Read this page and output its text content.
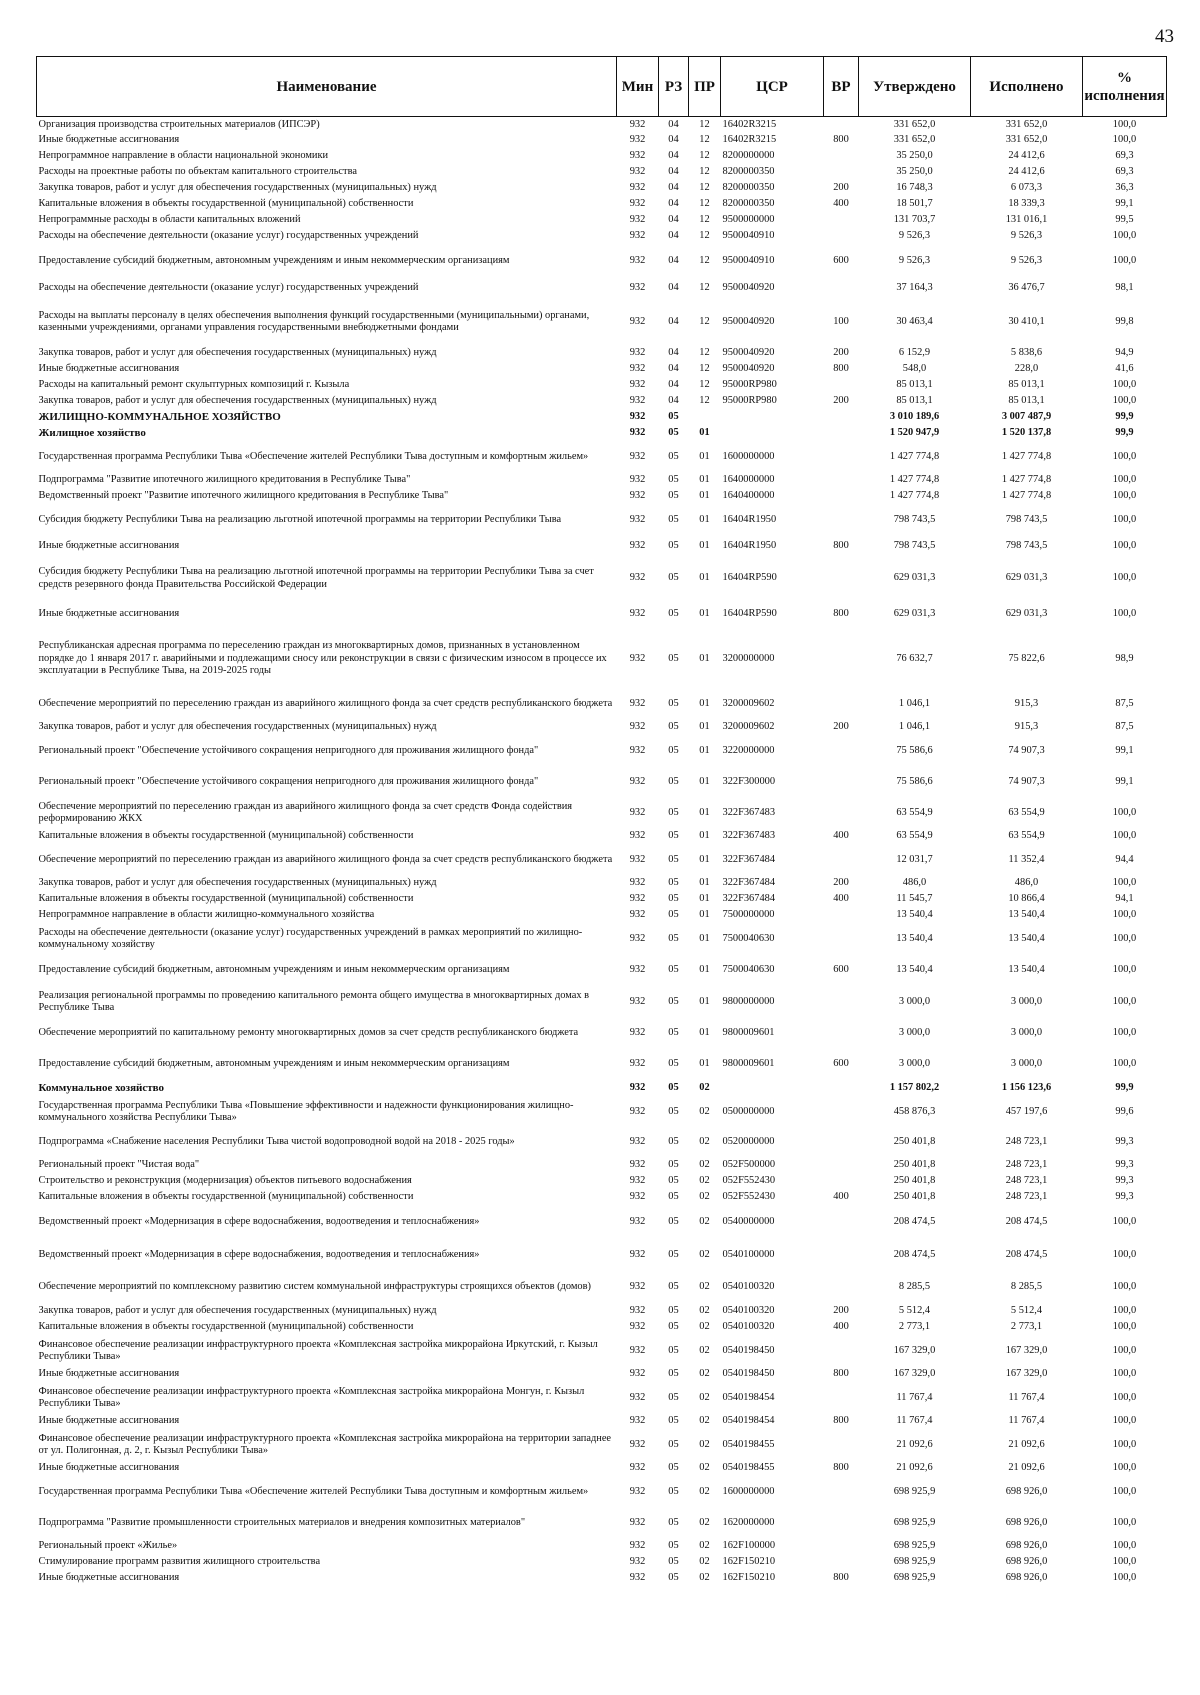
43
Наименование	Мин	РЗ	ПР	ЦСР	ВР	Утверждено	Исполнено	% исполнения
Организация производства строительных материалов (ИПСЭР)	932	04	12	16402R3215		331 652,0	331 652,0	100,0
Иные бюджетные ассигнования	932	04	12	16402R3215	800	331 652,0	331 652,0	100,0
Непрограммное направление в области национальной экономики	932	04	12	8200000000		35 250,0	24 412,6	69,3
Расходы на проектные работы по объектам капитального строительства	932	04	12	8200000350		35 250,0	24 412,6	69,3
Закупка товаров, работ и услуг для обеспечения государственных (муниципальных) нужд	932	04	12	8200000350	200	16 748,3	6 073,3	36,3
Капитальные вложения в объекты государственной (муниципальной) собственности	932	04	12	8200000350	400	18 501,7	18 339,3	99,1
Непрограммные расходы в области капитальных вложений	932	04	12	9500000000		131 703,7	131 016,1	99,5
Расходы на обеспечение деятельности (оказание услуг) государственных учреждений	932	04	12	9500040910		9 526,3	9 526,3	100,0
Предоставление субсидий бюджетным, автономным учреждениям и иным некоммерческим организациям	932	04	12	9500040910	600	9 526,3	9 526,3	100,0
Расходы на обеспечение деятельности (оказание услуг) государственных учреждений	932	04	12	9500040920		37 164,3	36 476,7	98,1
Расходы на выплаты персоналу в целях обеспечения выполнения функций государственными (муниципальными) органами, казенными учреждениями, органами управления государственными внебюджетными фондами	932	04	12	9500040920	100	30 463,4	30 410,1	99,8
Закупка товаров, работ и услуг для обеспечения государственных (муниципальных) нужд	932	04	12	9500040920	200	6 152,9	5 838,6	94,9
Иные бюджетные ассигнования	932	04	12	9500040920	800	548,0	228,0	41,6
Расходы на капитальный ремонт скульптурных композиций г. Кызыла	932	04	12	95000RP980		85 013,1	85 013,1	100,0
Закупка товаров, работ и услуг для обеспечения государственных (муниципальных) нужд	932	04	12	95000RP980	200	85 013,1	85 013,1	100,0
ЖИЛИЩНО-КОММУНАЛЬНОЕ ХОЗЯЙСТВО	932	05				3 010 189,6	3 007 487,9	99,9
Жилищное хозяйство	932	05	01			1 520 947,9	1 520 137,8	99,9
Государственная программа Республики Тыва «Обеспечение жителей Республики Тыва доступным и комфортным жильем»	932	05	01	1600000000		1 427 774,8	1 427 774,8	100,0
Подпрограмма "Развитие ипотечного жилищного кредитования в Республике Тыва"	932	05	01	1640000000		1 427 774,8	1 427 774,8	100,0
Ведомственный проект "Развитие ипотечного жилищного кредитования в Республике Тыва"	932	05	01	1640400000		1 427 774,8	1 427 774,8	100,0
Субсидия бюджету Республики Тыва на реализацию льготной ипотечной программы на территории Республики Тыва	932	05	01	16404R1950		798 743,5	798 743,5	100,0
Иные бюджетные ассигнования	932	05	01	16404R1950	800	798 743,5	798 743,5	100,0
Субсидия бюджету Республики Тыва на реализацию льготной ипотечной программы на территории Республики Тыва за счет средств резервного фонда Правительства Российской Федерации	932	05	01	16404RP590		629 031,3	629 031,3	100,0
Иные бюджетные ассигнования	932	05	01	16404RP590	800	629 031,3	629 031,3	100,0
Республиканская адресная программа по переселению граждан из многоквартирных домов, признанных в установленном порядке до 1 января 2017 г. аварийными и подлежащими сносу или реконструкции в связи с физическим износом в процессе их эксплуатации в Республике Тыва, на 2019-2025 годы	932	05	01	3200000000		76 632,7	75 822,6	98,9
Обеспечение мероприятий по переселению граждан из аварийного жилищного фонда за счет средств республиканского бюджета	932	05	01	3200009602		1 046,1	915,3	87,5
Закупка товаров, работ и услуг для обеспечения государственных (муниципальных) нужд	932	05	01	3200009602	200	1 046,1	915,3	87,5
Региональный проект "Обеспечение устойчивого сокращения непригодного для проживания жилищного фонда"	932	05	01	3220000000		75 586,6	74 907,3	99,1
Региональный проект "Обеспечение устойчивого сокращения непригодного для проживания жилищного фонда"	932	05	01	322F300000		75 586,6	74 907,3	99,1
Обеспечение мероприятий по переселению граждан из аварийного жилищного фонда за счет средств Фонда содействия реформированию ЖКХ	932	05	01	322F367483		63 554,9	63 554,9	100,0
Капитальные вложения в объекты государственной (муниципальной) собственности	932	05	01	322F367483	400	63 554,9	63 554,9	100,0
Обеспечение мероприятий по переселению граждан из аварийного жилищного фонда за счет средств республиканского бюджета	932	05	01	322F367484		12 031,7	11 352,4	94,4
Закупка товаров, работ и услуг для обеспечения государственных (муниципальных) нужд	932	05	01	322F367484	200	486,0	486,0	100,0
Капитальные вложения в объекты государственной (муниципальной) собственности	932	05	01	322F367484	400	11 545,7	10 866,4	94,1
Непрограммное направление в области жилищно-коммунального хозяйства	932	05	01	7500000000		13 540,4	13 540,4	100,0
Расходы на обеспечение деятельности (оказание услуг) государственных учреждений в рамках мероприятий по жилищно-коммунальному хозяйству	932	05	01	7500040630		13 540,4	13 540,4	100,0
Предоставление субсидий бюджетным, автономным учреждениям и иным некоммерческим организациям	932	05	01	7500040630	600	13 540,4	13 540,4	100,0
Реализация региональной программы по проведению капитального ремонта общего имущества в многоквартирных домах в Республике Тыва	932	05	01	9800000000		3 000,0	3 000,0	100,0
Обеспечение мероприятий по капитальному ремонту многоквартирных домов за счет средств республиканского бюджета	932	05	01	9800009601		3 000,0	3 000,0	100,0
Предоставление субсидий бюджетным, автономным учреждениям и иным некоммерческим организациям	932	05	01	9800009601	600	3 000,0	3 000,0	100,0
Коммунальное хозяйство	932	05	02			1 157 802,2	1 156 123,6	99,9
Государственная программа Республики Тыва «Повышение эффективности и надежности функционирования жилищно-коммунального хозяйства Республики Тыва»	932	05	02	0500000000		458 876,3	457 197,6	99,6
Подпрограмма «Снабжение населения Республики Тыва чистой водопроводной водой на 2018 - 2025 годы»	932	05	02	0520000000		250 401,8	248 723,1	99,3
Региональный проект "Чистая вода"	932	05	02	052F500000		250 401,8	248 723,1	99,3
Строительство и реконструкция (модернизация) объектов питьевого водоснабжения	932	05	02	052F552430		250 401,8	248 723,1	99,3
Капитальные вложения в объекты государственной (муниципальной) собственности	932	05	02	052F552430	400	250 401,8	248 723,1	99,3
Ведомственный проект «Модернизация в сфере водоснабжения, водоотведения и теплоснабжения»	932	05	02	0540000000		208 474,5	208 474,5	100,0
Ведомственный проект «Модернизация в сфере водоснабжения, водоотведения и теплоснабжения»	932	05	02	0540100000		208 474,5	208 474,5	100,0
Обеспечение мероприятий по комплексному развитию систем коммунальной инфраструктуры строящихся объектов (домов)	932	05	02	0540100320		8 285,5	8 285,5	100,0
Закупка товаров, работ и услуг для обеспечения государственных (муниципальных) нужд	932	05	02	0540100320	200	5 512,4	5 512,4	100,0
Капитальные вложения в объекты государственной (муниципальной) собственности	932	05	02	0540100320	400	2 773,1	2 773,1	100,0
Финансовое обеспечение реализации инфраструктурного проекта «Комплексная застройка микрорайона Иркутский, г. Кызыл Республики Тыва»	932	05	02	0540198450		167 329,0	167 329,0	100,0
Иные бюджетные ассигнования	932	05	02	0540198450	800	167 329,0	167 329,0	100,0
Финансовое обеспечение реализации инфраструктурного проекта «Комплексная застройка микрорайона Монгун, г. Кызыл Республики Тыва»	932	05	02	0540198454		11 767,4	11 767,4	100,0
Иные бюджетные ассигнования	932	05	02	0540198454	800	11 767,4	11 767,4	100,0
Финансовое обеспечение реализации инфраструктурного проекта «Комплексная застройка микрорайона на территории западнее от ул. Полигонная, д. 2, г. Кызыл Республики Тыва»	932	05	02	0540198455		21 092,6	21 092,6	100,0
Иные бюджетные ассигнования	932	05	02	0540198455	800	21 092,6	21 092,6	100,0
Государственная программа Республики Тыва «Обеспечение жителей Республики Тыва доступным и комфортным жильем»	932	05	02	1600000000		698 925,9	698 926,0	100,0
Подпрограмма "Развитие промышленности строительных материалов и внедрения композитных материалов"	932	05	02	1620000000		698 925,9	698 926,0	100,0
Региональный проект «Жилье»	932	05	02	162F100000		698 925,9	698 926,0	100,0
Стимулирование программ развития жилищного строительства	932	05	02	162F150210		698 925,9	698 926,0	100,0
Иные бюджетные ассигнования	932	05	02	162F150210	800	698 925,9	698 926,0	100,0
